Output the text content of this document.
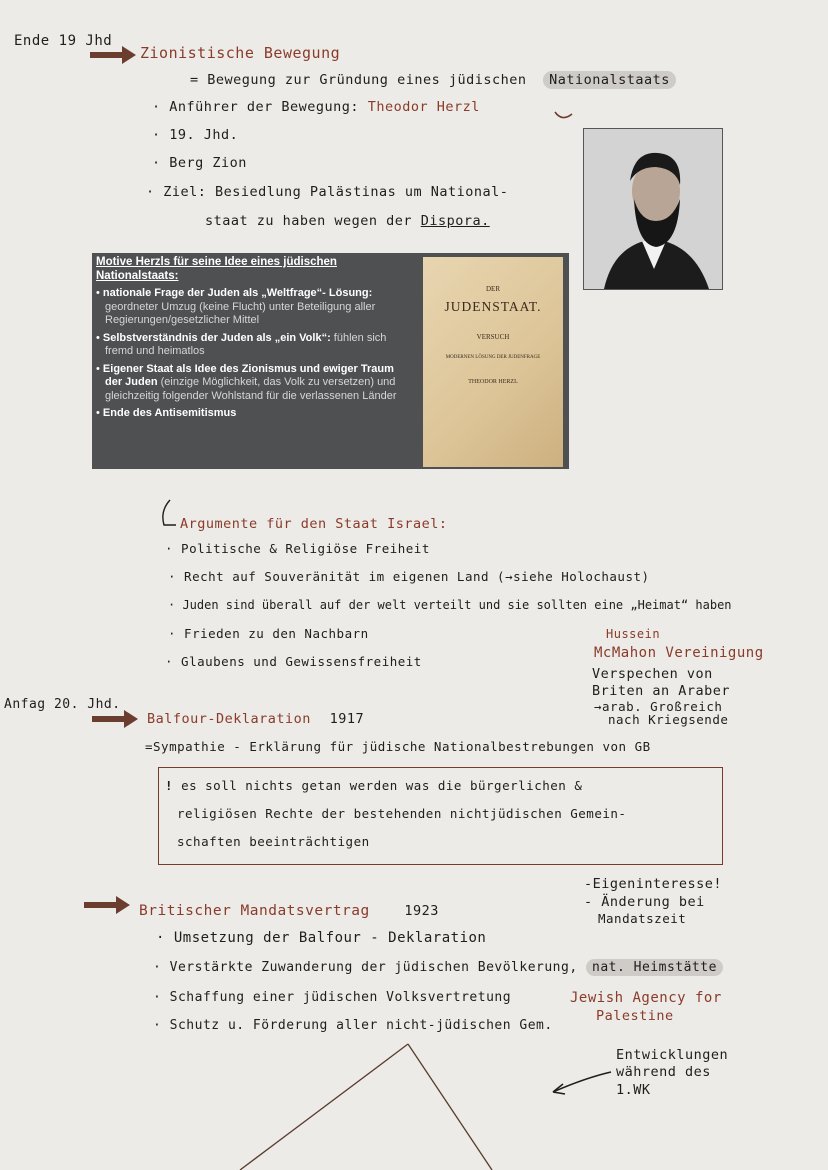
Ende 19 Jhd
Zionistische Bewegung
= Bewegung zur Gründung eines jüdischen Nationalstaats
· Anführer der Bewegung: Theodor Herzl
· 19. Jhd.
· Berg Zion
· Ziel: Besiedlung Palästinas um National-
staat zu haben wegen der Dispora.
Motive Herzls für seine Idee eines jüdischen Nationalstaats:
• nationale Frage der Juden als „Weltfrage“- Lösung: geordneter Umzug (keine Flucht) unter Beteiligung aller Regierungen/gesetzlicher Mittel
• Selbstverständnis der Juden als „ein Volk“: fühlen sich fremd und heimatlos
• Eigener Staat als Idee des Zionismus und ewiger Traum der Juden (einzige Möglichkeit, das Volk zu versetzen) und gleichzeitig folgender Wohlstand für die verlassenen Länder
• Ende des Antisemitismus
DER
JUDENSTAAT.
VERSUCH
MODERNEN LÖSUNG DER JUDENFRAGE
THEODOR HERZL
Argumente für den Staat Israel:
· Politische & Religiöse Freiheit
· Recht auf Souveränität im eigenen Land (→siehe Holochaust)
· Juden sind überall auf der welt verteilt und sie sollten eine „Heimat“ haben
· Frieden zu den Nachbarn
· Glaubens und Gewissensfreiheit
Hussein
McMahon Vereinigung
Verspechen von
Briten an Araber
→arab. Großreich
nach Kriegsende
Anfag 20. Jhd.
Balfour-Deklaration 1917
=Sympathie - Erklärung für jüdische Nationalbestrebungen von GB
! es soll nichts getan werden was die bürgerlichen &
religiösen Rechte der bestehenden nichtjüdischen Gemein-
schaften beeinträchtigen
-Eigeninteresse!
- Änderung bei
Mandatszeit
Britischer Mandatsvertrag	1923
· Umsetzung der Balfour - Deklaration
· Verstärkte Zuwanderung der jüdischen Bevölkerung, nat. Heimstätte
· Schaffung einer jüdischen Volksvertretung	Jewish Agency for
Palestine
· Schutz u. Förderung aller nicht-jüdischen Gem.
Entwicklungen
während des
1.WK
